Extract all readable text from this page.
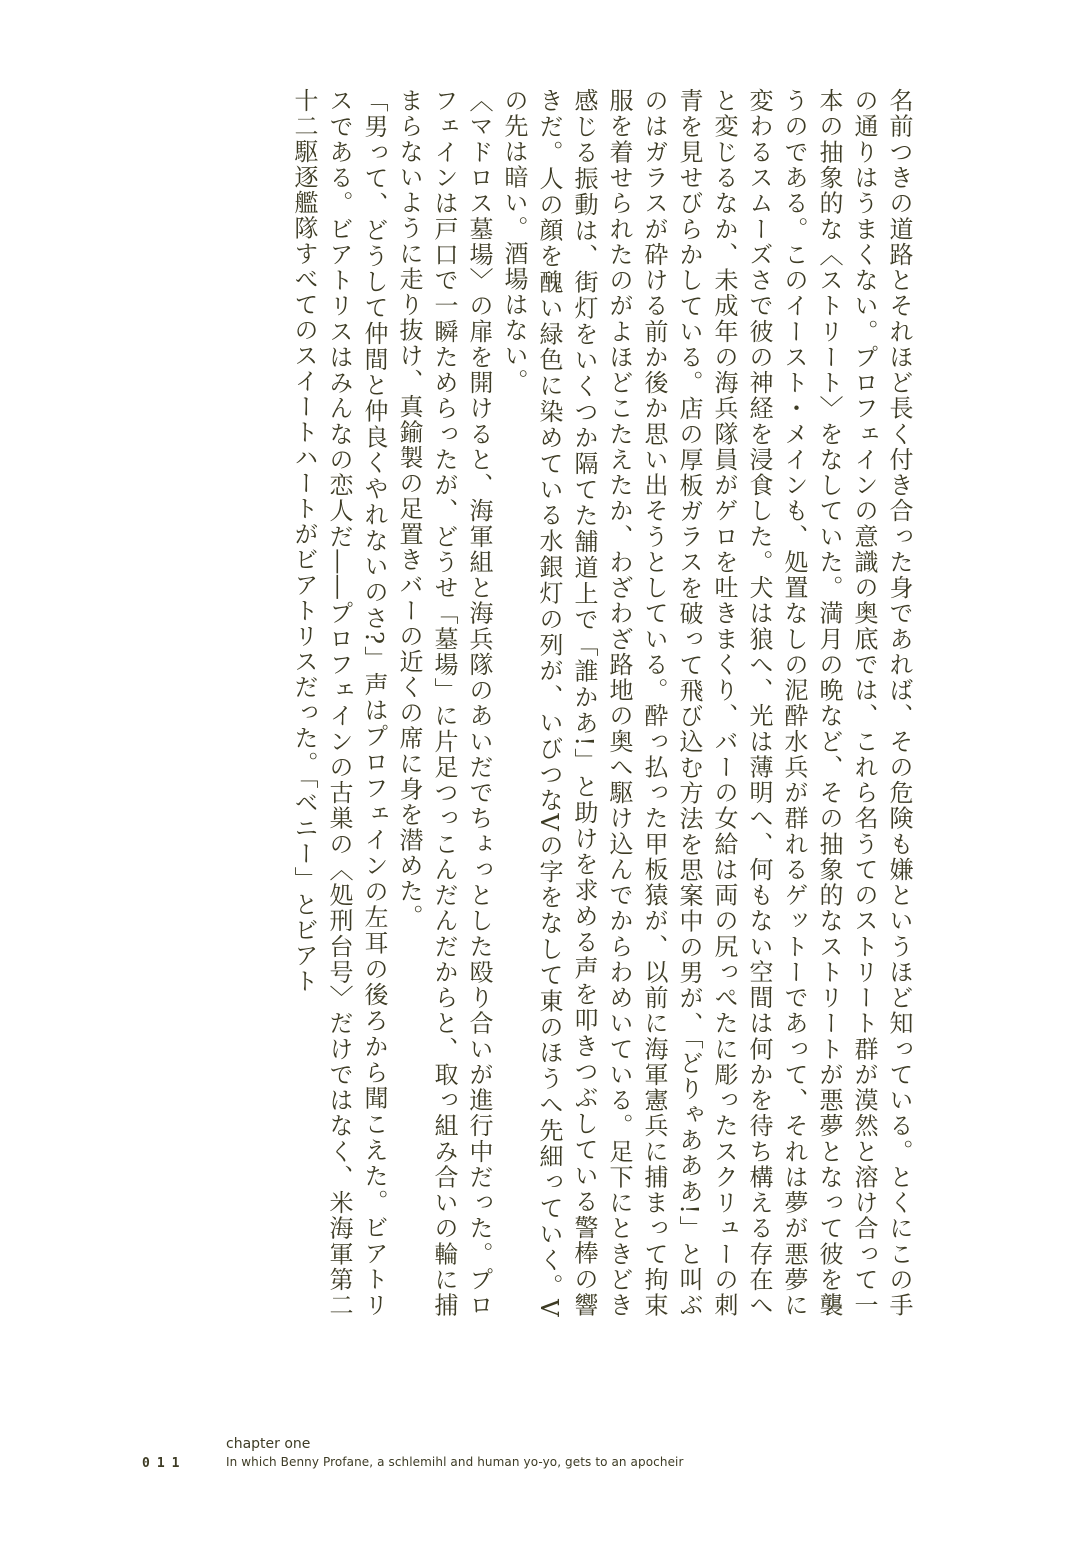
名前つきの道路とそれほど長く付き合った身であれば、その危険も嫌というほど知っている。とくにこの手の通りはうまくない。プロフェインの意識の奥底では、これら名うてのストリート群が漠然と溶け合って一本の抽象的な〈ストリート〉をなしていた。満月の晩など、その抽象的なストリートが悪夢となって彼を襲うのである。このイースト・メインも、処置なしの泥酔水兵が群れるゲットーであって、それは夢が悪夢に変わるスムーズさで彼の神経を浸食した。犬は狼へ、光は薄明へ、何もない空間は何かを待ち構える存在へと変じるなか、未成年の海兵隊員がゲロを吐きまくり、バーの女給は両の尻っぺたに彫ったスクリューの刺青を見せびらかしている。店の厚板ガラスを破って飛び込む方法を思案中の男が、「どりゃあああ!」と叫ぶのはガラスが砕ける前か後か思い出そうとしている。酔っ払った甲板猿が、以前に海軍憲兵に捕まって拘束服を着せられたのがよほどこたえたか、わざわざ路地の奥へ駆け込んでからわめいている。足下にときどき感じる振動は、街灯をいくつか隔てた舗道上で「誰かあ!」と助けを求める声を叩きつぶしている警棒の響きだ。人の顔を醜い緑色に染めている水銀灯の列が、いびつなVの字をなして東のほうへ先細っていく。Vの先は暗い。酒場はない。

〈マドロス墓場〉の扉を開けると、海軍組と海兵隊のあいだでちょっとした殴り合いが進行中だった。プロフェインは戸口で一瞬ためらったが、どうせ「墓場」に片足つっこんだんだからと、取っ組み合いの輪に捕まらないように走り抜け、真鍮製の足置きバーの近くの席に身を潜めた。

「男って、どうして仲間と仲良くやれないのさ?」声はプロフェインの左耳の後ろから聞こえた。ビアトリスである。ビアトリスはみんなの恋人だ――プロフェインの古巣の〈処刑台号〉だけではなく、米海軍第二十二駆逐艦隊すべてのスイートハートがビアトリスだった。「ベニー」とビアト

011
chapter one
In which Benny Profane, a schlemihl and human yo-yo, gets to an apocheir
